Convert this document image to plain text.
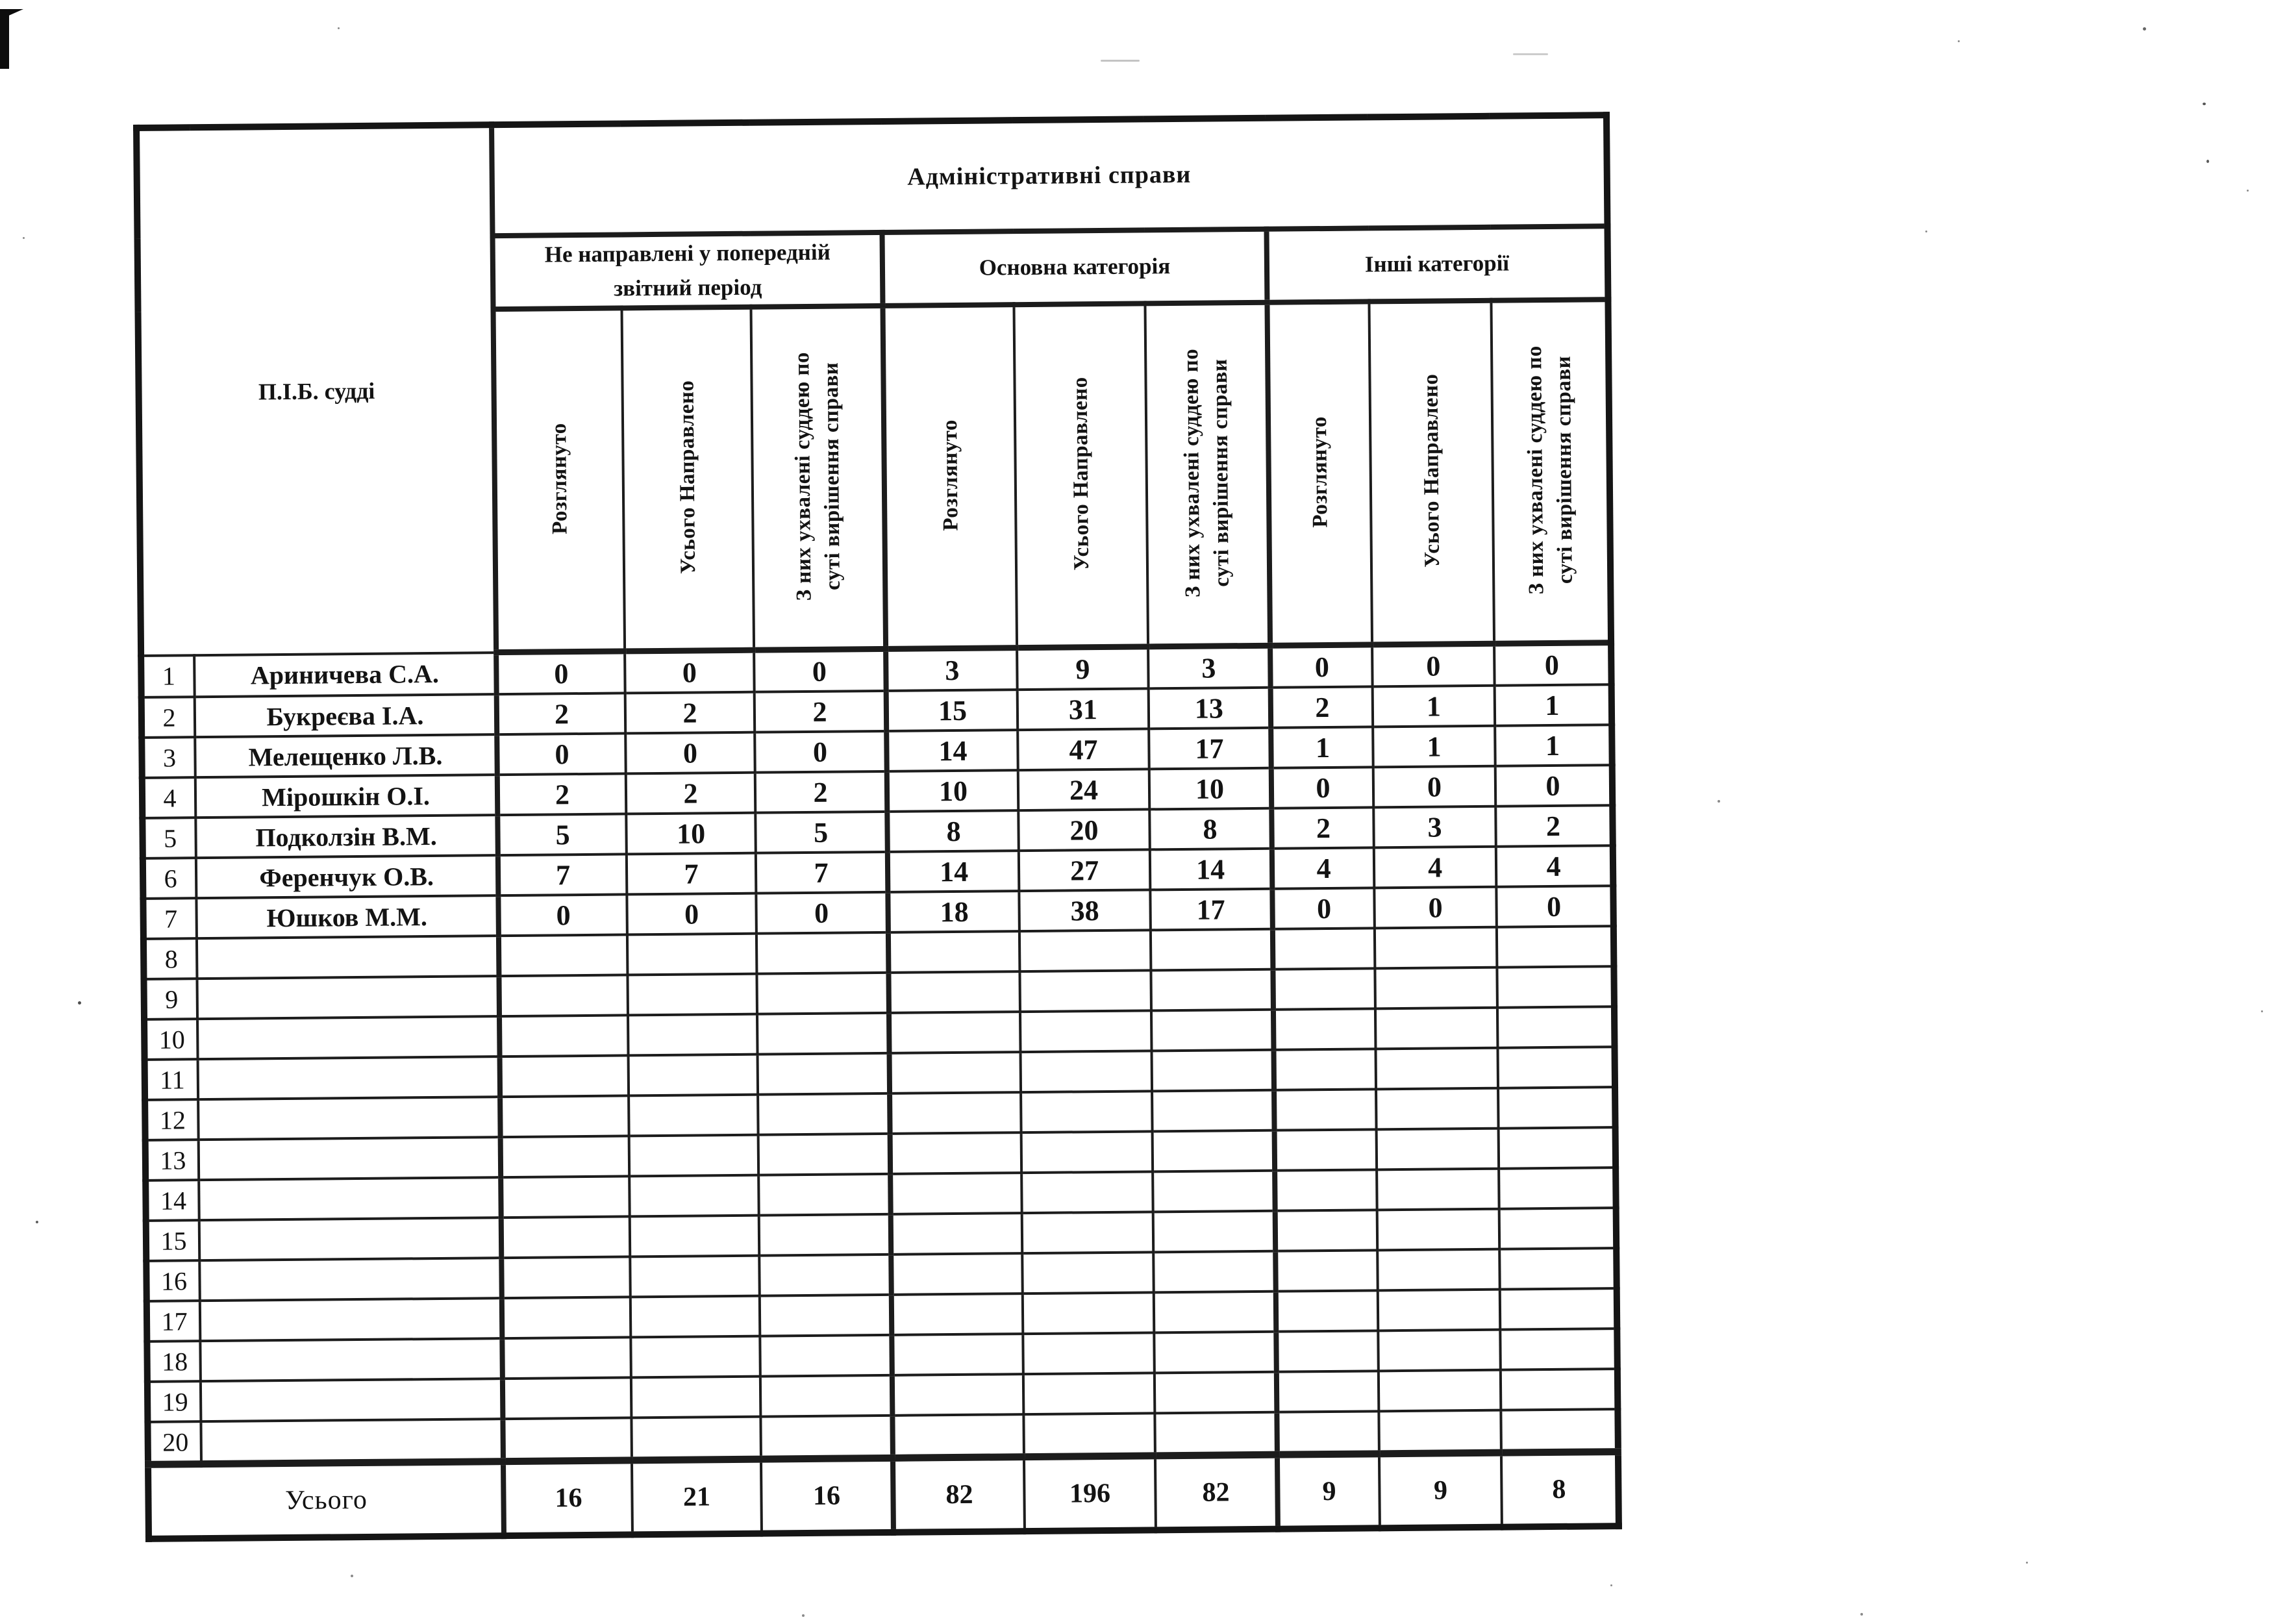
П.І.Б. судді		Адміністративні справи								
		Не направлені у попередній
звітний період			Основна категорія			Інші категорії		
		Розглянуто	Усього Направлено	З них ухвалені суддею по
суті вирішення справи	Розглянуто	Усього Направлено	З них ухвалені суддею по
суті вирішення справи	Розглянуто	Усього Направлено	З них ухвалені суддею по
суті вирішення справи
1	Ариничева С.А.	0	0	0	3	9	3	0	0	0
2	Букреєва І.А.	2	2	2	15	31	13	2	1	1
3	Мелещенко Л.В.	0	0	0	14	47	17	1	1	1
4	Мірошкін О.І.	2	2	2	10	24	10	0	0	0
5	Подколзін В.М.	5	10	5	8	20	8	2	3	2
6	Ференчук О.В.	7	7	7	14	27	14	4	4	4
7	Юшков М.М.	0	0	0	18	38	17	0	0	0
8										
9										
10										
11										
12										
13										
14										
15										
16										
17										
18										
19										
20										
Усього		16	21	16	82	196	82	9	9	8
